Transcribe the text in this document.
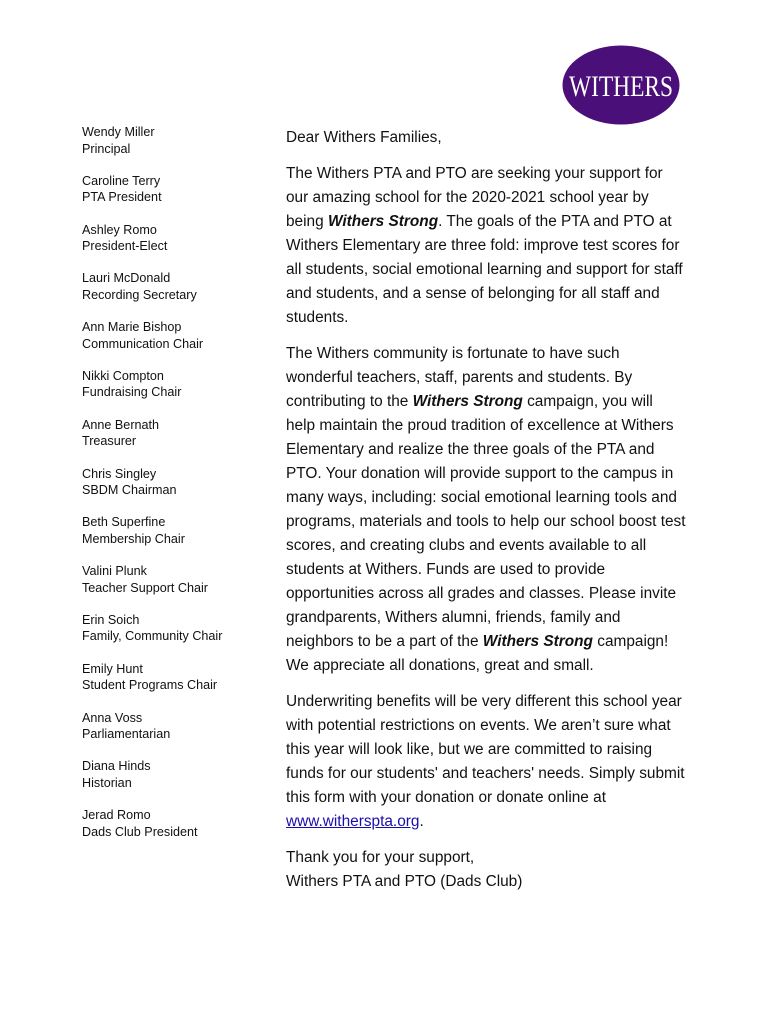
WITHERS
Wendy Miller
Principal
Caroline Terry
PTA President
Ashley Romo
President-Elect
Lauri McDonald
Recording Secretary
Ann Marie Bishop
Communication Chair
Nikki Compton
Fundraising Chair
Anne Bernath
Treasurer
Chris Singley
SBDM Chairman
Beth Superfine
Membership Chair
Valini Plunk
Teacher Support Chair
Erin Soich
Family, Community Chair
Emily Hunt
Student Programs Chair
Anna Voss
Parliamentarian
Diana Hinds
Historian
Jerad Romo
Dads Club President

Dear Withers Families,

The Withers PTA and PTO are seeking your support for our amazing school for the 2020-2021 school year by being Withers Strong. The goals of the PTA and PTO at Withers Elementary are three fold: improve test scores for all students, social emotional learning and support for staff and students, and a sense of belonging for all staff and students.

The Withers community is fortunate to have such wonderful teachers, staff, parents and students. By contributing to the Withers Strong campaign, you will help maintain the proud tradition of excellence at Withers Elementary and realize the three goals of the PTA and PTO. Your donation will provide support to the campus in many ways, including: social emotional learning tools and programs, materials and tools to help our school boost test scores, and creating clubs and events available to all students at Withers. Funds are used to provide opportunities across all grades and classes. Please invite grandparents, Withers alumni, friends, family and neighbors to be a part of the Withers Strong campaign! We appreciate all donations, great and small.

Underwriting benefits will be very different this school year with potential restrictions on events. We aren’t sure what this year will look like, but we are committed to raising funds for our students' and teachers' needs. Simply submit this form with your donation or donate online at www.witherspta.org.

Thank you for your support,

Withers PTA and PTO (Dads Club)
